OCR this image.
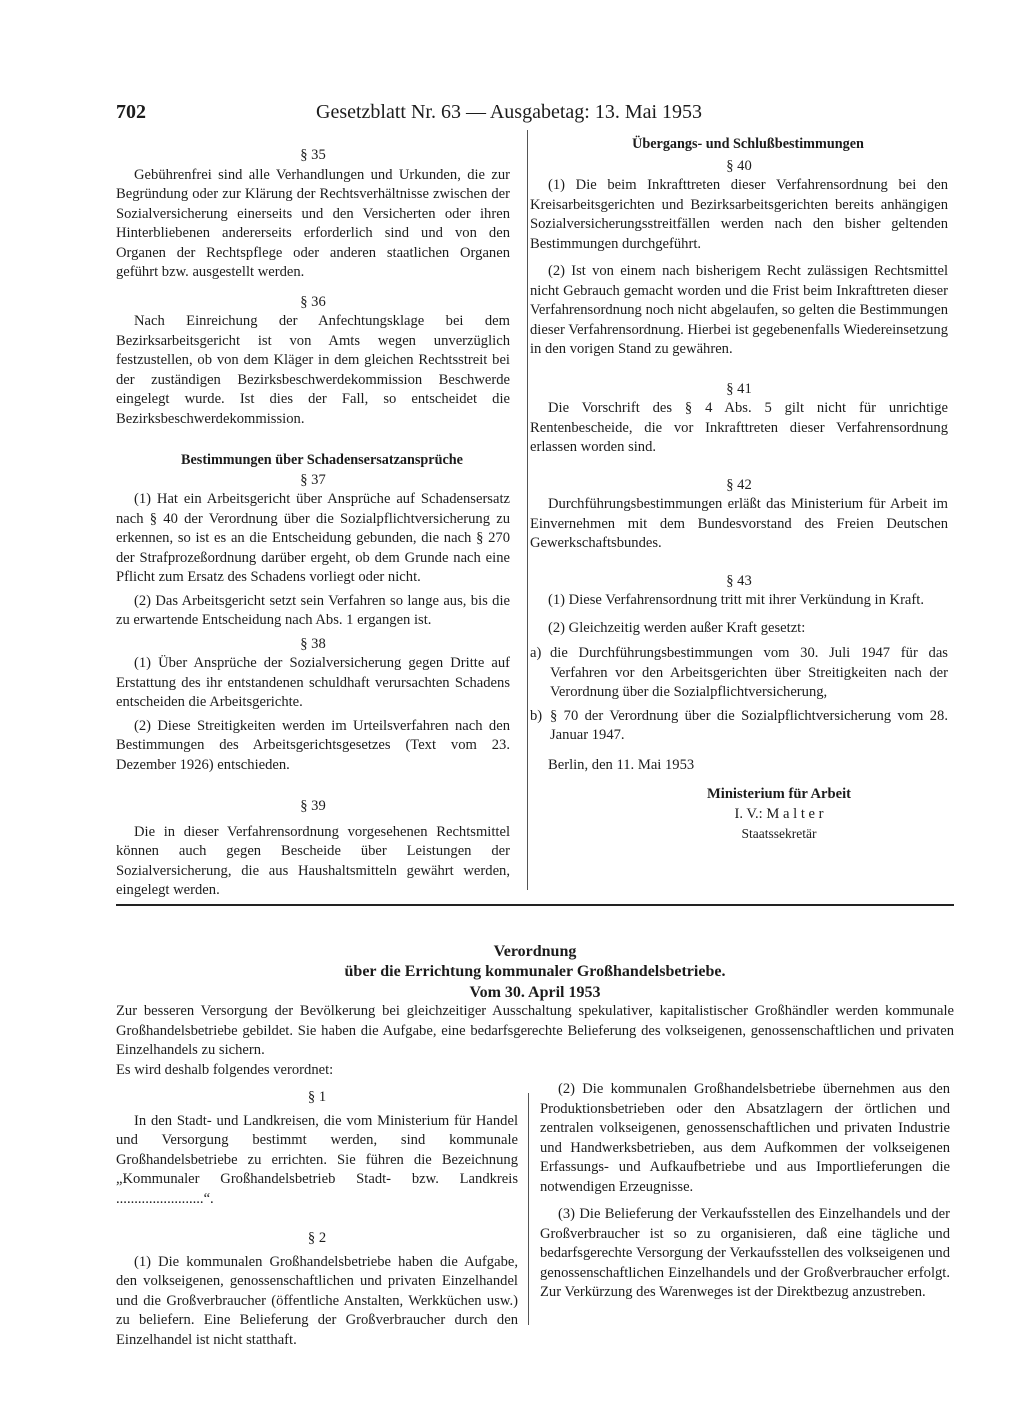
702	Gesetzblatt Nr. 63 — Ausgabetag: 13. Mai 1953

§ 35

Gebührenfrei sind alle Verhandlungen und Urkunden, die zur Begründung oder zur Klärung der Rechtsverhältnisse zwischen der Sozialversicherung einerseits und den Versicherten oder ihren Hinterbliebenen andererseits erforderlich sind und von den Organen der Rechtspflege oder anderen staatlichen Organen geführt bzw. ausgestellt werden.

§ 36

Nach Einreichung der Anfechtungsklage bei dem Bezirksarbeitsgericht ist von Amts wegen unverzüglich festzustellen, ob von dem Kläger in dem gleichen Rechtsstreit bei der zuständigen Bezirksbeschwerdekommission Beschwerde eingelegt wurde. Ist dies der Fall, so entscheidet die Bezirksbeschwerdekommission.

Bestimmungen über Schadensersatzansprüche

§ 37

(1) Hat ein Arbeitsgericht über Ansprüche auf Schadensersatz nach § 40 der Verordnung über die Sozialpflichtversicherung zu erkennen, so ist es an die Entscheidung gebunden, die nach § 270 der Strafprozeßordnung darüber ergeht, ob dem Grunde nach eine Pflicht zum Ersatz des Schadens vorliegt oder nicht.

(2) Das Arbeitsgericht setzt sein Verfahren so lange aus, bis die zu erwartende Entscheidung nach Abs. 1 ergangen ist.

§ 38

(1) Über Ansprüche der Sozialversicherung gegen Dritte auf Erstattung des ihr entstandenen schuldhaft verursachten Schadens entscheiden die Arbeitsgerichte.

(2) Diese Streitigkeiten werden im Urteilsverfahren nach den Bestimmungen des Arbeitsgerichtsgesetzes (Text vom 23. Dezember 1926) entschieden.

§ 39

Die in dieser Verfahrensordnung vorgesehenen Rechtsmittel können auch gegen Bescheide über Leistungen der Sozialversicherung, die aus Haushaltsmitteln gewährt werden, eingelegt werden.

Übergangs- und Schlußbestimmungen

§ 40

(1) Die beim Inkrafttreten dieser Verfahrensordnung bei den Kreisarbeitsgerichten und Bezirksarbeitsgerichten bereits anhängigen Sozialversicherungsstreitfällen werden nach den bisher geltenden Bestimmungen durchgeführt.

(2) Ist von einem nach bisherigem Recht zulässigen Rechtsmittel nicht Gebrauch gemacht worden und die Frist beim Inkrafttreten dieser Verfahrensordnung noch nicht abgelaufen, so gelten die Bestimmungen dieser Verfahrensordnung. Hierbei ist gegebenenfalls Wiedereinsetzung in den vorigen Stand zu gewähren.

§ 41

Die Vorschrift des § 4 Abs. 5 gilt nicht für unrichtige Rentenbescheide, die vor Inkrafttreten dieser Verfahrensordnung erlassen worden sind.

§ 42

Durchführungsbestimmungen erläßt das Ministerium für Arbeit im Einvernehmen mit dem Bundesvorstand des Freien Deutschen Gewerkschaftsbundes.

§ 43

(1) Diese Verfahrensordnung tritt mit ihrer Verkündung in Kraft.

(2) Gleichzeitig werden außer Kraft gesetzt:

a) die Durchführungsbestimmungen vom 30. Juli 1947 für das Verfahren vor den Arbeitsgerichten über Streitigkeiten nach der Verordnung über die Sozialpflichtversicherung,
b) § 70 der Verordnung über die Sozialpflichtversicherung vom 28. Januar 1947.

Berlin, den 11. Mai 1953

Ministerium für Arbeit
I. V.: M a l t e r
Staatssekretär
Verordnung
über die Errichtung kommunaler Großhandelsbetriebe.
Vom 30. April 1953

Zur besseren Versorgung der Bevölkerung bei gleichzeitiger Ausschaltung spekulativer, kapitalistischer Großhändler werden kommunale Großhandelsbetriebe gebildet. Sie haben die Aufgabe, eine bedarfsgerechte Belieferung des volkseigenen, genossenschaftlichen und privaten Einzelhandels zu sichern.

Es wird deshalb folgendes verordnet:

§ 1

In den Stadt- und Landkreisen, die vom Ministerium für Handel und Versorgung bestimmt werden, sind kommunale Großhandelsbetriebe zu errichten. Sie führen die Bezeichnung „Kommunaler Großhandelsbetrieb Stadt- bzw. Landkreis ........................“.

§ 2

(1) Die kommunalen Großhandelsbetriebe haben die Aufgabe, den volkseigenen, genossenschaftlichen und privaten Einzelhandel und die Großverbraucher (öffentliche Anstalten, Werkküchen usw.) zu beliefern. Eine Belieferung der Großverbraucher durch den Einzelhandel ist nicht statthaft.

(2) Die kommunalen Großhandelsbetriebe übernehmen aus den Produktionsbetrieben oder den Absatzlagern der örtlichen und zentralen volkseigenen, genossenschaftlichen und privaten Industrie und Handwerksbetrieben, aus dem Aufkommen der volkseigenen Erfassungs- und Aufkaufbetriebe und aus Importlieferungen die notwendigen Erzeugnisse.

(3) Die Belieferung der Verkaufsstellen des Einzelhandels und der Großverbraucher ist so zu organisieren, daß eine tägliche und bedarfsgerechte Versorgung der Verkaufsstellen des volkseigenen und genossenschaftlichen Einzelhandels und der Großverbraucher erfolgt. Zur Verkürzung des Warenweges ist der Direktbezug anzustreben.
